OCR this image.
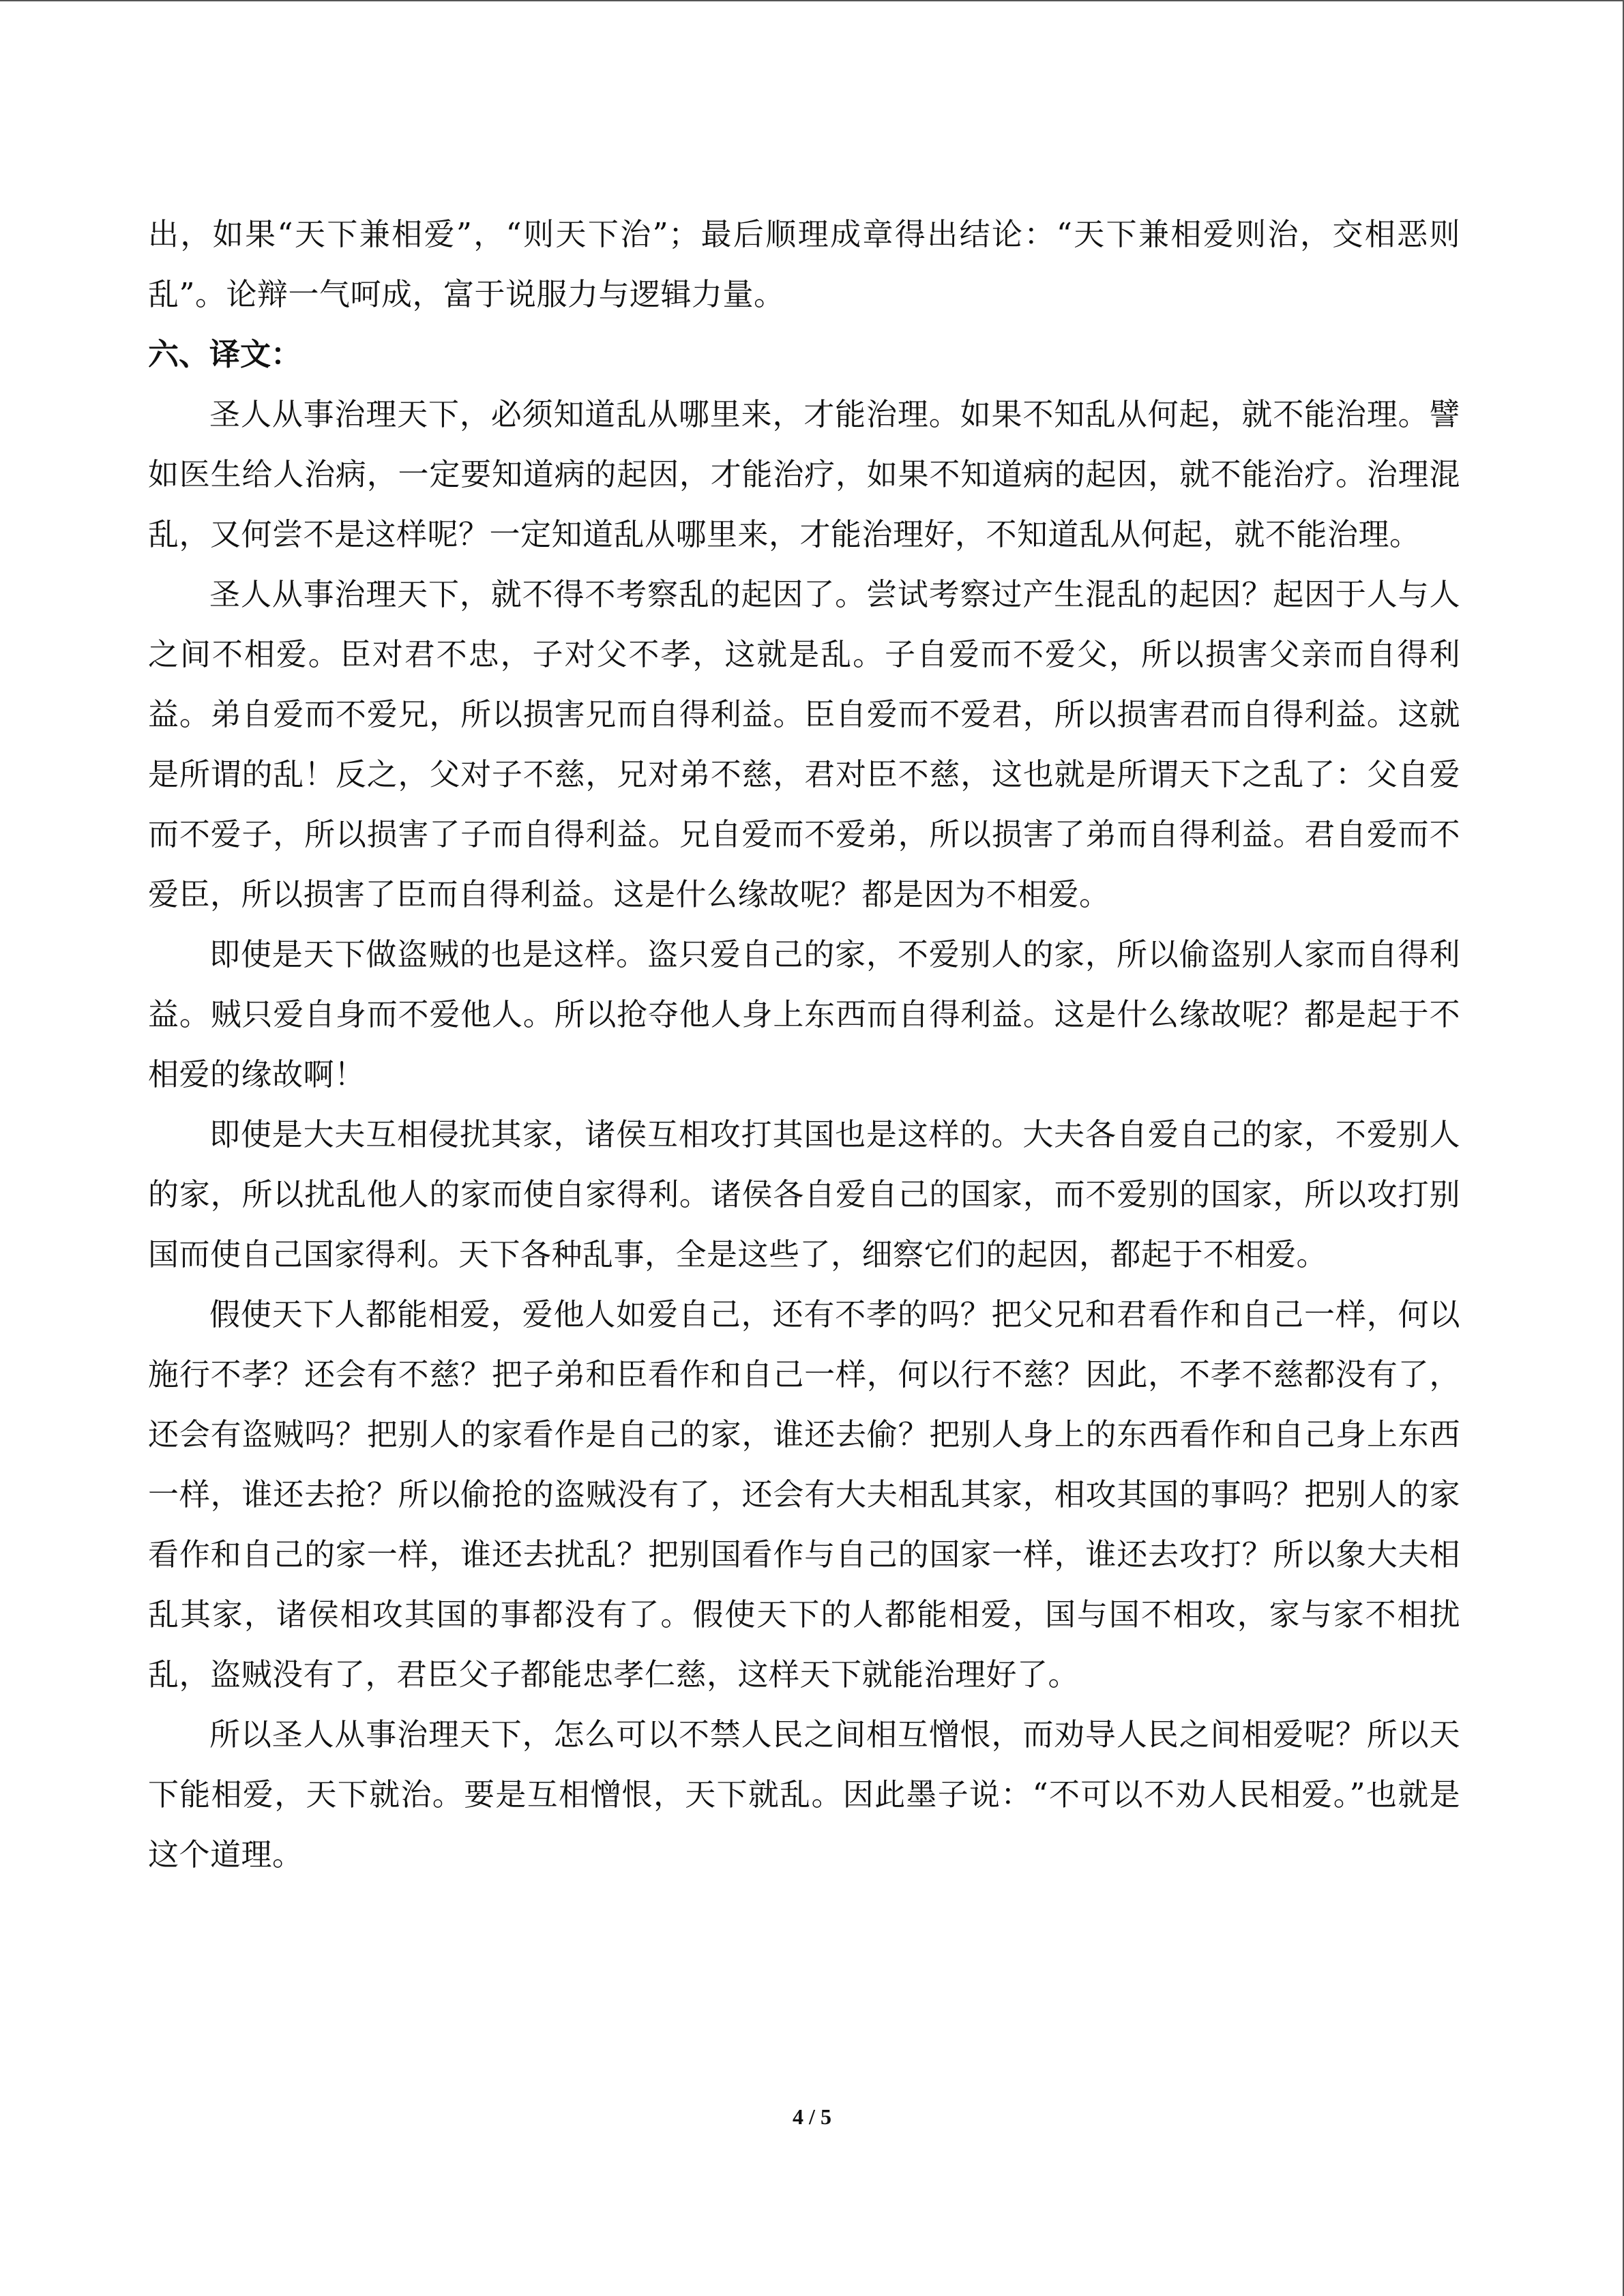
出，如果“天下兼相爱”，“则天下治”；最后顺理成章得出结论：“天下兼相爱则治，交相恶则乱”。论辩一气呵成，富于说服力与逻辑力量。

六、译文：

圣人从事治理天下，必须知道乱从哪里来，才能治理。如果不知乱从何起，就不能治理。譬如医生给人治病，一定要知道病的起因，才能治疗，如果不知道病的起因，就不能治疗。治理混乱，又何尝不是这样呢？一定知道乱从哪里来，才能治理好，不知道乱从何起，就不能治理。

圣人从事治理天下，就不得不考察乱的起因了。尝试考察过产生混乱的起因？起因于人与人之间不相爱。臣对君不忠，子对父不孝，这就是乱。子自爱而不爱父，所以损害父亲而自得利益。弟自爱而不爱兄，所以损害兄而自得利益。臣自爱而不爱君，所以损害君而自得利益。这就是所谓的乱！反之，父对子不慈，兄对弟不慈，君对臣不慈，这也就是所谓天下之乱了：父自爱而不爱子，所以损害了子而自得利益。兄自爱而不爱弟，所以损害了弟而自得利益。君自爱而不爱臣，所以损害了臣而自得利益。这是什么缘故呢？都是因为不相爱。

即使是天下做盗贼的也是这样。盗只爱自己的家，不爱别人的家，所以偷盗别人家而自得利益。贼只爱自身而不爱他人。所以抢夺他人身上东西而自得利益。这是什么缘故呢？都是起于不相爱的缘故啊！

即使是大夫互相侵扰其家，诸侯互相攻打其国也是这样的。大夫各自爱自己的家，不爱别人的家，所以扰乱他人的家而使自家得利。诸侯各自爱自己的国家，而不爱别的国家，所以攻打别国而使自己国家得利。天下各种乱事，全是这些了，细察它们的起因，都起于不相爱。

假使天下人都能相爱，爱他人如爱自己，还有不孝的吗？把父兄和君看作和自己一样，何以施行不孝？还会有不慈？把子弟和臣看作和自己一样，何以行不慈？因此，不孝不慈都没有了，还会有盗贼吗？把别人的家看作是自己的家，谁还去偷？把别人身上的东西看作和自己身上东西一样，谁还去抢？所以偷抢的盗贼没有了，还会有大夫相乱其家，相攻其国的事吗？把别人的家看作和自己的家一样，谁还去扰乱？把别国看作与自己的国家一样，谁还去攻打？所以象大夫相乱其家，诸侯相攻其国的事都没有了。假使天下的人都能相爱，国与国不相攻，家与家不相扰乱，盗贼没有了，君臣父子都能忠孝仁慈，这样天下就能治理好了。

所以圣人从事治理天下，怎么可以不禁人民之间相互憎恨，而劝导人民之间相爱呢？所以天下能相爱，天下就治。要是互相憎恨，天下就乱。因此墨子说：“不可以不劝人民相爱。”也就是这个道理。

4 / 5
